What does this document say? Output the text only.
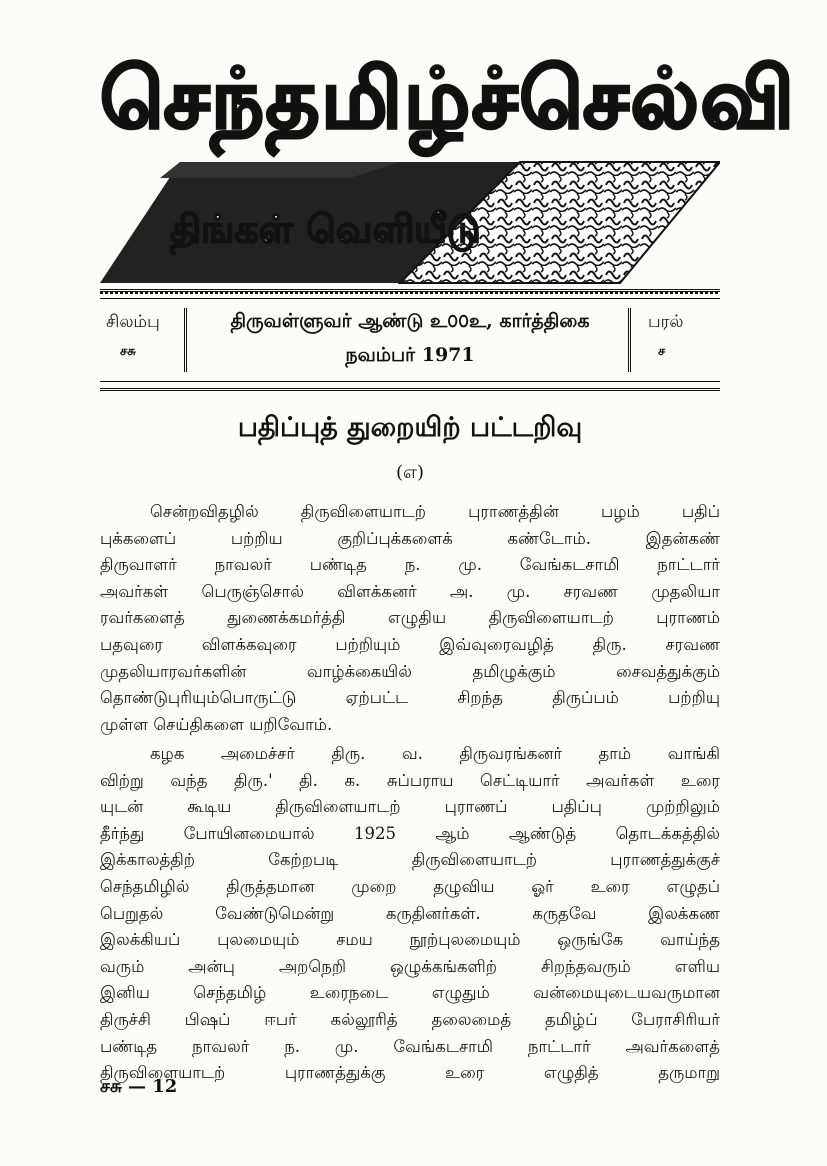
செந்தமிழ்ச்செல்வி
திங்கள் வெளியீடு
சிலம்பு
சசு
திருவள்ளுவர் ஆண்டு உ௦௦உ, கார்த்திகை
நவம்பர் 1971
பரல்
ச
பதிப்புத் துறையிற் பட்டறிவு
(எ)
சென்றவிதழில் திருவிளையாடற் புராணத்தின் பழம் பதிப்
புக்களைப் பற்றிய குறிப்புக்களைக் கண்டோம். இதன்கண்
திருவாளர் நாவலர் பண்டித ந. மு. வேங்கடசாமி நாட்டார்
அவர்கள் பெருஞ்சொல் விளக்கனர் அ. மு. சரவண முதலியா
ரவர்களைத் துணைக்கமர்த்தி எழுதிய திருவிளையாடற் புராணம்
பதவுரை விளக்கவுரை பற்றியும் இவ்வுரைவழித் திரு. சரவண
முதலியாரவர்களின் வாழ்க்கையில் தமிழுக்கும் சைவத்துக்கும்
தொண்டுபுரியும்பொருட்டு ஏற்பட்ட சிறந்த திருப்பம் பற்றியு
முள்ள செய்திகளை யறிவோம்.
கழக அமைச்சர் திரு. வ. திருவரங்கனர் தாம் வாங்கி
விற்று வந்த திரு.' தி. க. சுப்பராய செட்டியார் அவர்கள் உரை
யுடன் கூடிய திருவிளையாடற் புராணப் பதிப்பு முற்றிலும்
தீர்ந்து போயினமையால் 1925 ஆம் ஆண்டுத் தொடக்கத்தில்
இக்காலத்திற் கேற்றபடி திருவிளையாடற் புராணத்துக்குச்
செந்தமிழில் திருத்தமான முறை தழுவிய ஓர் உரை எழுதப்
பெறுதல் வேண்டுமென்று கருதினர்கள். கருதவே இலக்கண
இலக்கியப் புலமையும் சமய நூற்புலமையும் ஒருங்கே வாய்ந்த
வரும் அன்பு அறநெறி ஒழுக்கங்களிற் சிறந்தவரும் எளிய
இனிய செந்தமிழ் உரைநடை எழுதும் வன்மையுடையவருமான
திருச்சி பிஷப் ஈபர் கல்லூரித் தலைமைத் தமிழ்ப் பேராசிரியர்
பண்டித நாவலர் ந. மு. வேங்கடசாமி நாட்டார் அவர்களைத்
திருவிளையாடற் புராணத்துக்கு உரை எழுதித் தருமாறு
சசு — 12
